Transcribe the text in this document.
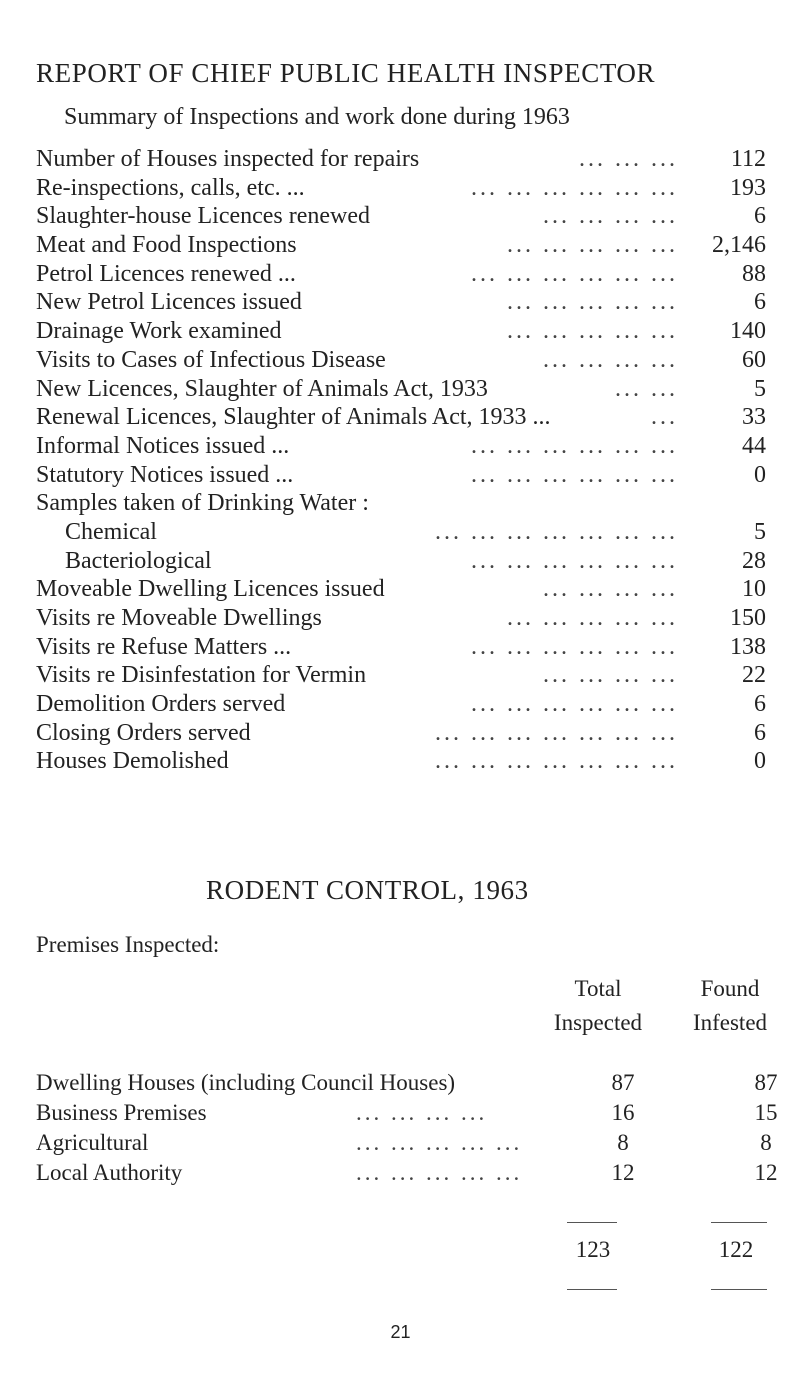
REPORT OF CHIEF PUBLIC HEALTH INSPECTOR
Summary of Inspections and work done during 1963
Number of Houses inspected for repairs	... ... ... 112
Re-inspections, calls, etc. ...	... ... ... ... ... ... 193
Slaughter-house Licences renewed	... ... ... ...	6
Meat and Food Inspections	... ... ... ... ... 2,146
Petrol Licences renewed ...	... ... ... ... ... ...	88
New Petrol Licences issued	... ... ... ... ...	6
Drainage Work examined	... ... ... ... ... 140
Visits to Cases of Infectious Disease	... ... ... ...	60
New Licences, Slaughter of Animals Act, 1933	... ...	5
Renewal Licences, Slaughter of Animals Act, 1933 ...	...	33
Informal Notices issued ...	... ... ... ... ... ...	44
Statutory Notices issued ...	... ... ... ... ... ...	0
Samples taken of Drinking Water :
Chemical	... ... ... ... ... ... ...	5
Bacteriological	... ... ... ... ... ...	28
Moveable Dwelling Licences issued	... ... ... ...	10
Visits re Moveable Dwellings	... ... ... ... ... 150
Visits re Refuse Matters ...	... ... ... ... ... ... 138
Visits re Disinfestation for Vermin	... ... ... ...	22
Demolition Orders served	... ... ... ... ... ...	6
Closing Orders served	... ... ... ... ... ... ...	6
Houses Demolished	... ... ... ... ... ... ...	0
RODENT CONTROL, 1963
Premises Inspected:
Total
Inspected
Found
Infested
Dwelling Houses (including Council Houses)	87	87
Business Premises	... ... ... ...	16	15
Agricultural	... ... ... ... ...	8	8
Local Authority	... ... ... ... ...	12	12
123	122
21
